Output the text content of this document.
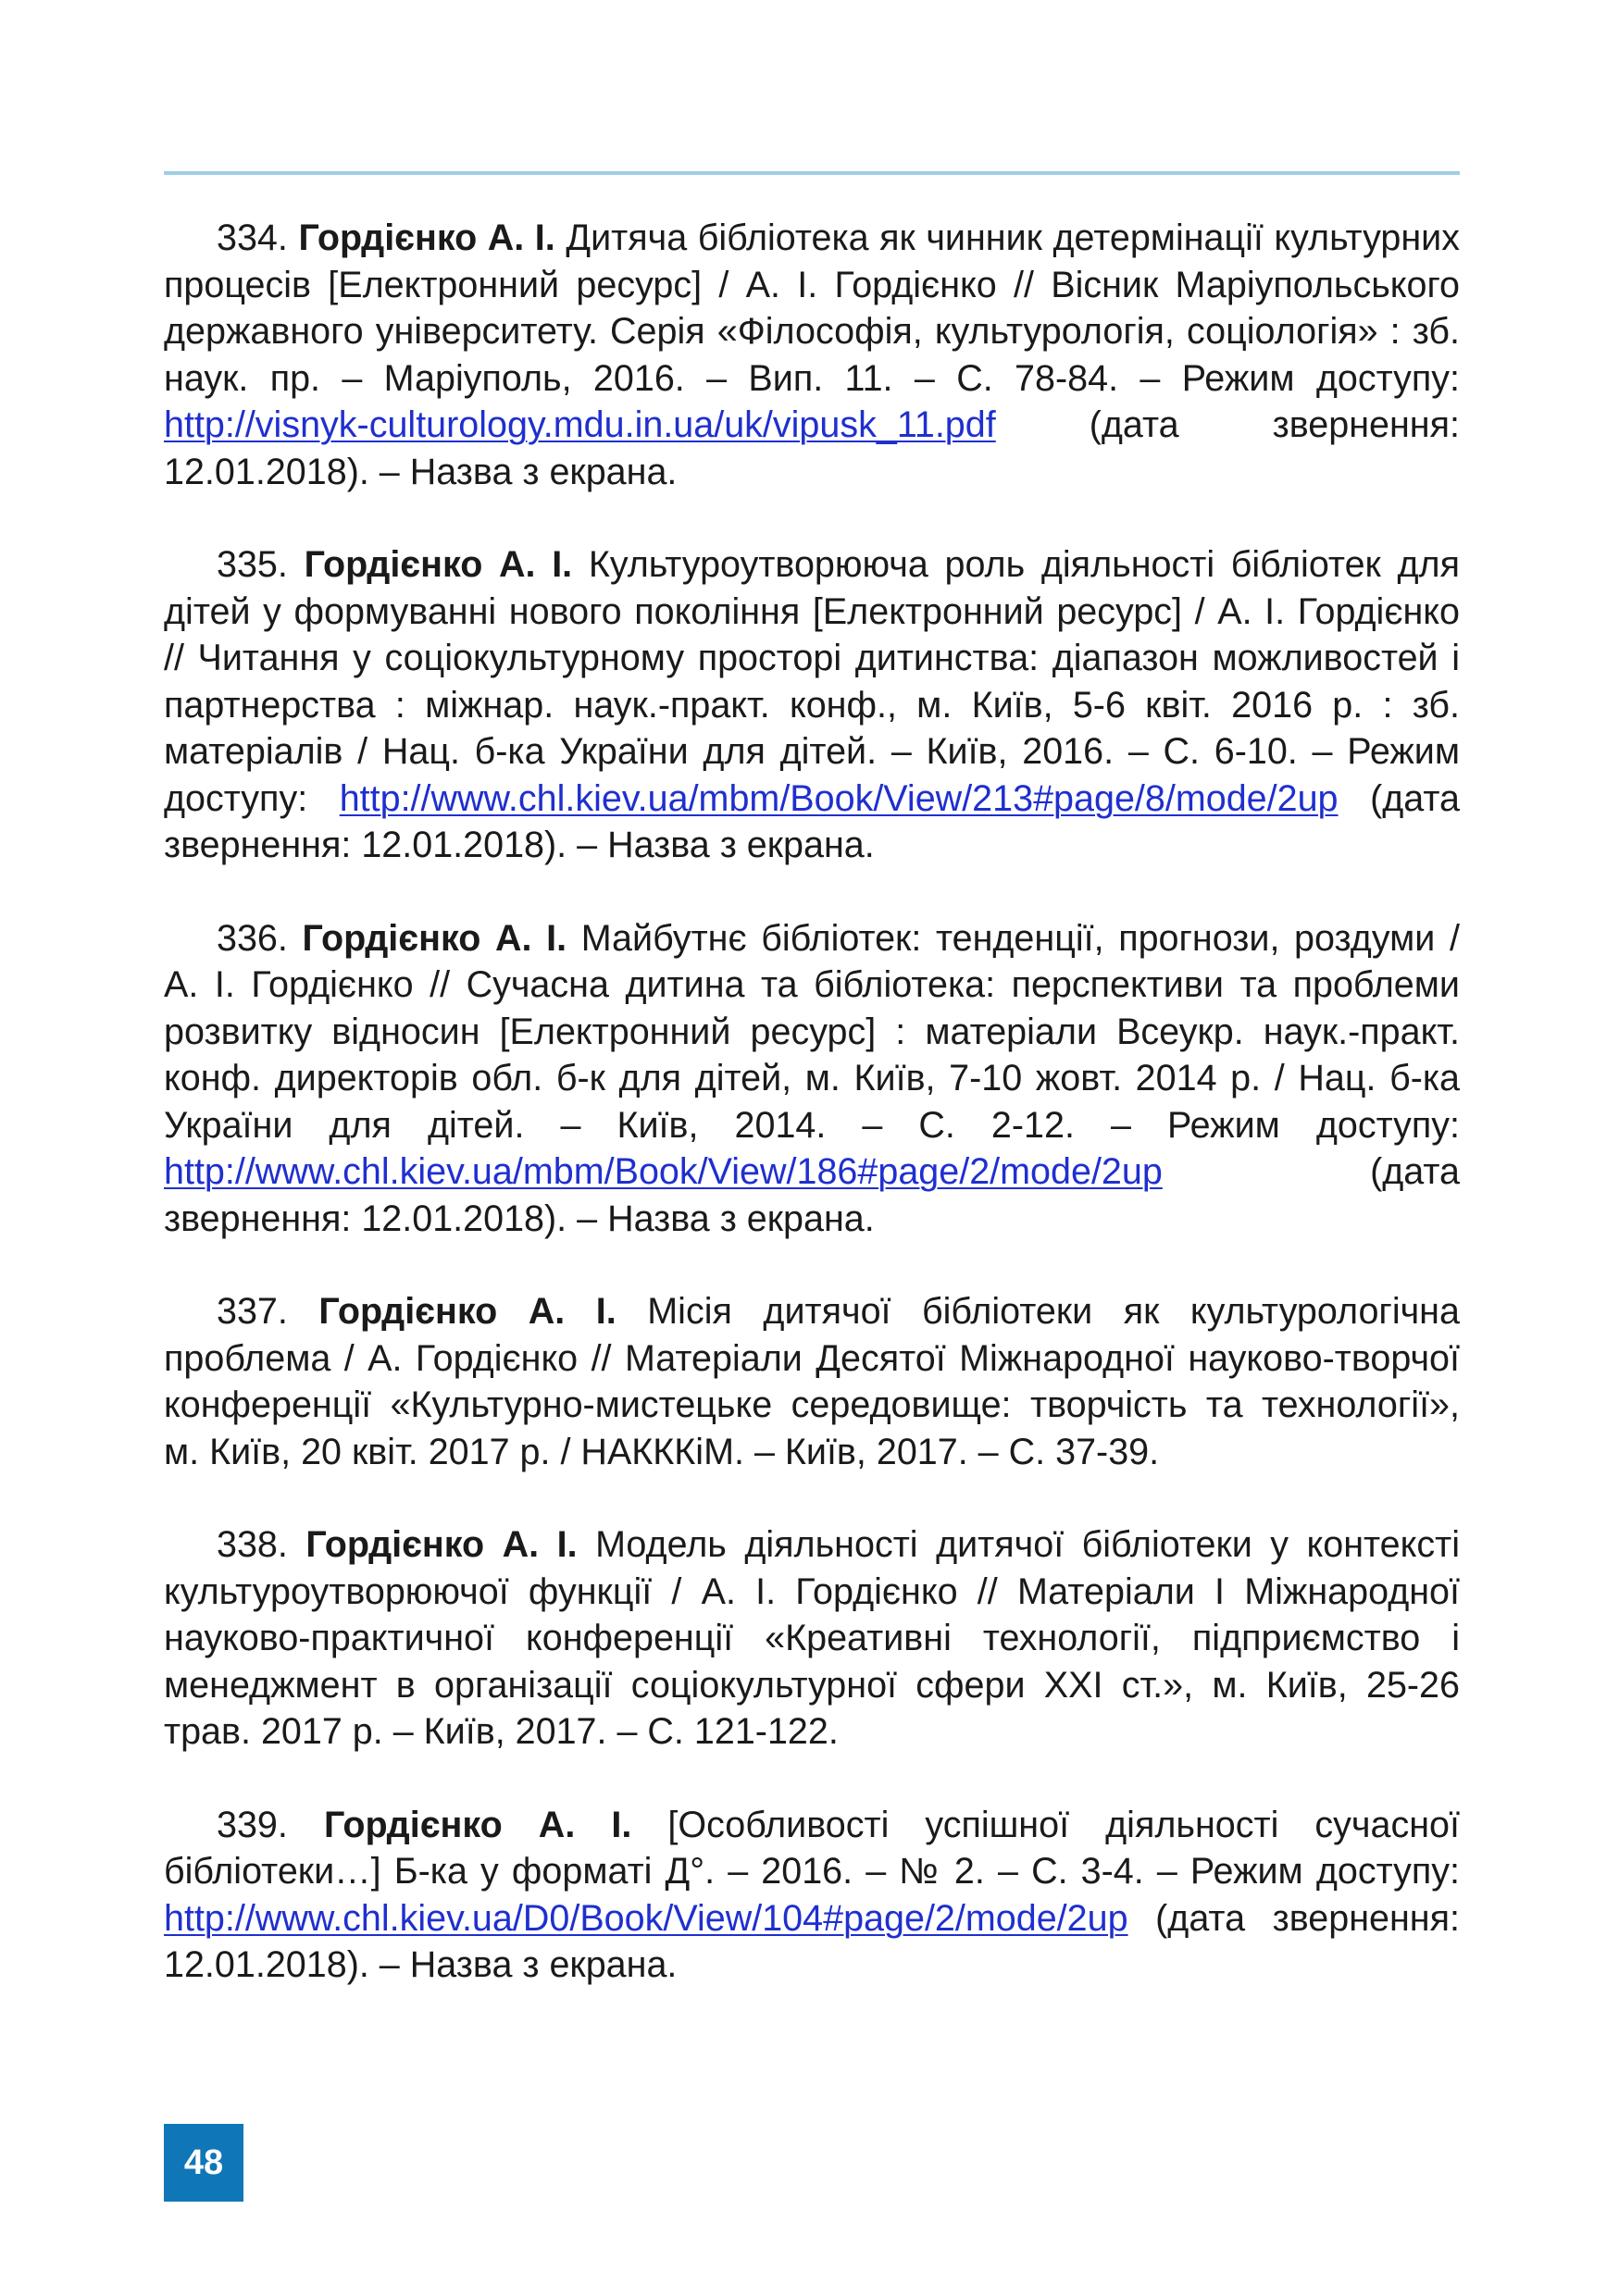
334. Гордієнко А. І. Дитяча бібліотека як чинник детермінації культурних процесів [Електронний ресурс] / А. І. Гордієнко // Вісник Маріупольського державного університету. Серія «Філософія, культурологія, соціологія» : зб. наук. пр. – Маріуполь, 2016. – Вип. 11. – С. 78-84. – Режим доступу: http://visnyk-culturology.mdu.in.ua/uk/vipusk_11.pdf	(дата звернення: 12.01.2018). – Назва з екрана.

335. Гордієнко А. І. Культуроутворююча роль діяльності бібліотек для дітей у формуванні нового покоління [Електронний ресурс] / А. І. Гордієнко // Читання у соціокультурному просторі дитинства: діапазон можливостей і партнерства : міжнар. наук.-практ. конф., м. Київ, 5-6 квіт. 2016 р. : зб. матеріалів / Нац. б-ка України для дітей. – Київ, 2016. – С. 6-10. – Режим доступу: http://www.chl.kiev.ua/mbm/Book/View/213#page/8/mode/2up (дата звернення: 12.01.2018). – Назва з екрана.

336. Гордієнко А. І. Майбутнє бібліотек: тенденції, прогнози, роздуми / А. І. Гордієнко // Сучасна дитина та бібліотека: перспективи та проблеми розвитку відносин [Електронний ресурс] : матеріали Всеукр. наук.-практ. конф. директорів обл. б-к для дітей, м. Київ, 7-10 жовт. 2014 р. / Нац. б-ка України для дітей. – Київ, 2014. – С. 2-12. – Режим доступу: http://www.chl.kiev.ua/mbm/Book/View/186#page/2/mode/2up	(дата звернення: 12.01.2018). – Назва з екрана.

337. Гордієнко А. І. Місія дитячої бібліотеки як культурологічна проблема / А. Гордієнко // Матеріали Десятої Міжнародної науково-творчої конференції «Культурно-мистецьке середовище: творчість та технології», м. Київ, 20 квіт. 2017 р. / НАКККіМ. – Київ, 2017. – С. 37-39.

338. Гордієнко А. І. Модель діяльності дитячої бібліотеки у контексті культуроутворюючої функції / А. І. Гордієнко // Матеріали І Міжнародної науково-практичної конференції «Креативні технології, підприємство і менеджмент в організації соціокультурної сфери XXI ст.», м. Київ, 25-26 трав. 2017 р. – Київ, 2017. – С. 121-122.

339. Гордієнко А. І. [Особливості успішної діяльності сучасної бібліотеки…] Б-ка у форматі Д°. – 2016. – № 2. – С. 3-4. – Режим доступу: http://www.chl.kiev.ua/D0/Book/View/104#page/2/mode/2up (дата звернення: 12.01.2018). – Назва з екрана.

48
